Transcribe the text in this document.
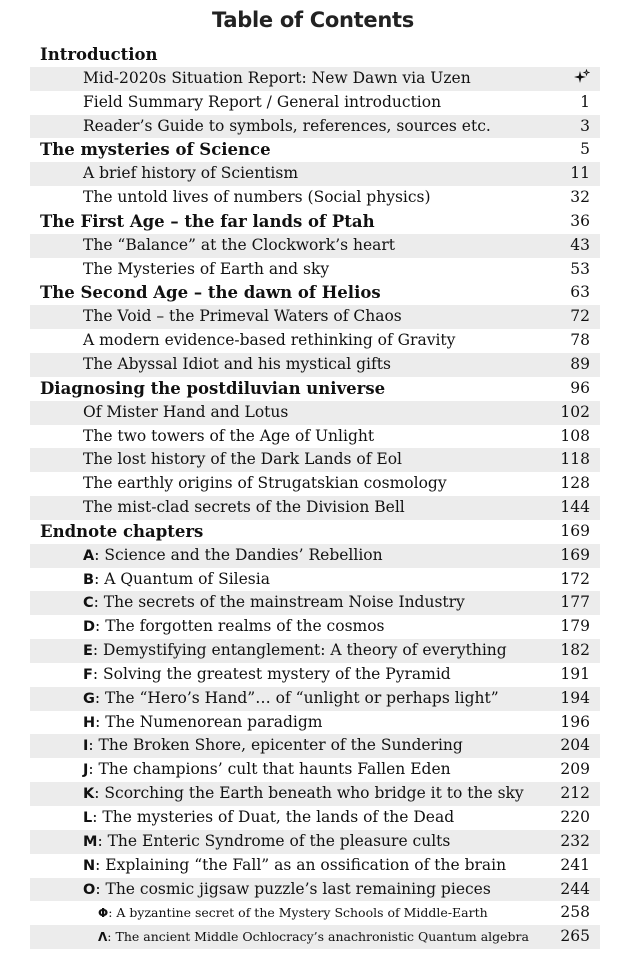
Table of Contents
Introduction
Mid-2020s Situation Report: New Dawn via Uzen
Field Summary Report / General introduction	1
Reader’s Guide to symbols, references, sources etc.	3
The mysteries of Science	5
A brief history of Scientism	11
The untold lives of numbers (Social physics)	32
The First Age – the far lands of Ptah	36
The “Balance” at the Clockwork’s heart	43
The Mysteries of Earth and sky	53
The Second Age – the dawn of Helios	63
The Void – the Primeval Waters of Chaos	72
A modern evidence-based rethinking of Gravity	78
The Abyssal Idiot and his mystical gifts	89
Diagnosing the postdiluvian universe	96
Of Mister Hand and Lotus	102
The two towers of the Age of Unlight	108
The lost history of the Dark Lands of Eol	118
The earthly origins of Strugatskian cosmology	128
The mist-clad secrets of the Division Bell	144
Endnote chapters	169
A: Science and the Dandies’ Rebellion	169
B: A Quantum of Silesia	172
C: The secrets of the mainstream Noise Industry	177
D: The forgotten realms of the cosmos	179
E: Demystifying entanglement: A theory of everything	182
F: Solving the greatest mystery of the Pyramid	191
G: The “Hero’s Hand”… of “unlight or perhaps light”	194
H: The Numenorean paradigm	196
I: The Broken Shore, epicenter of the Sundering	204
J: The champions’ cult that haunts Fallen Eden	209
K: Scorching the Earth beneath who bridge it to the sky 212
L: The mysteries of Duat, the lands of the Dead	220
M: The Enteric Syndrome of the pleasure cults	232
N: Explaining “the Fall” as an ossification of the brain	241
O: The cosmic jigsaw puzzle’s last remaining pieces	244
Φ: A byzantine secret of the Mystery Schools of Middle-Earth	258
Λ: The ancient Middle Ochlocracy’s anachronistic Quantum algebra 265
